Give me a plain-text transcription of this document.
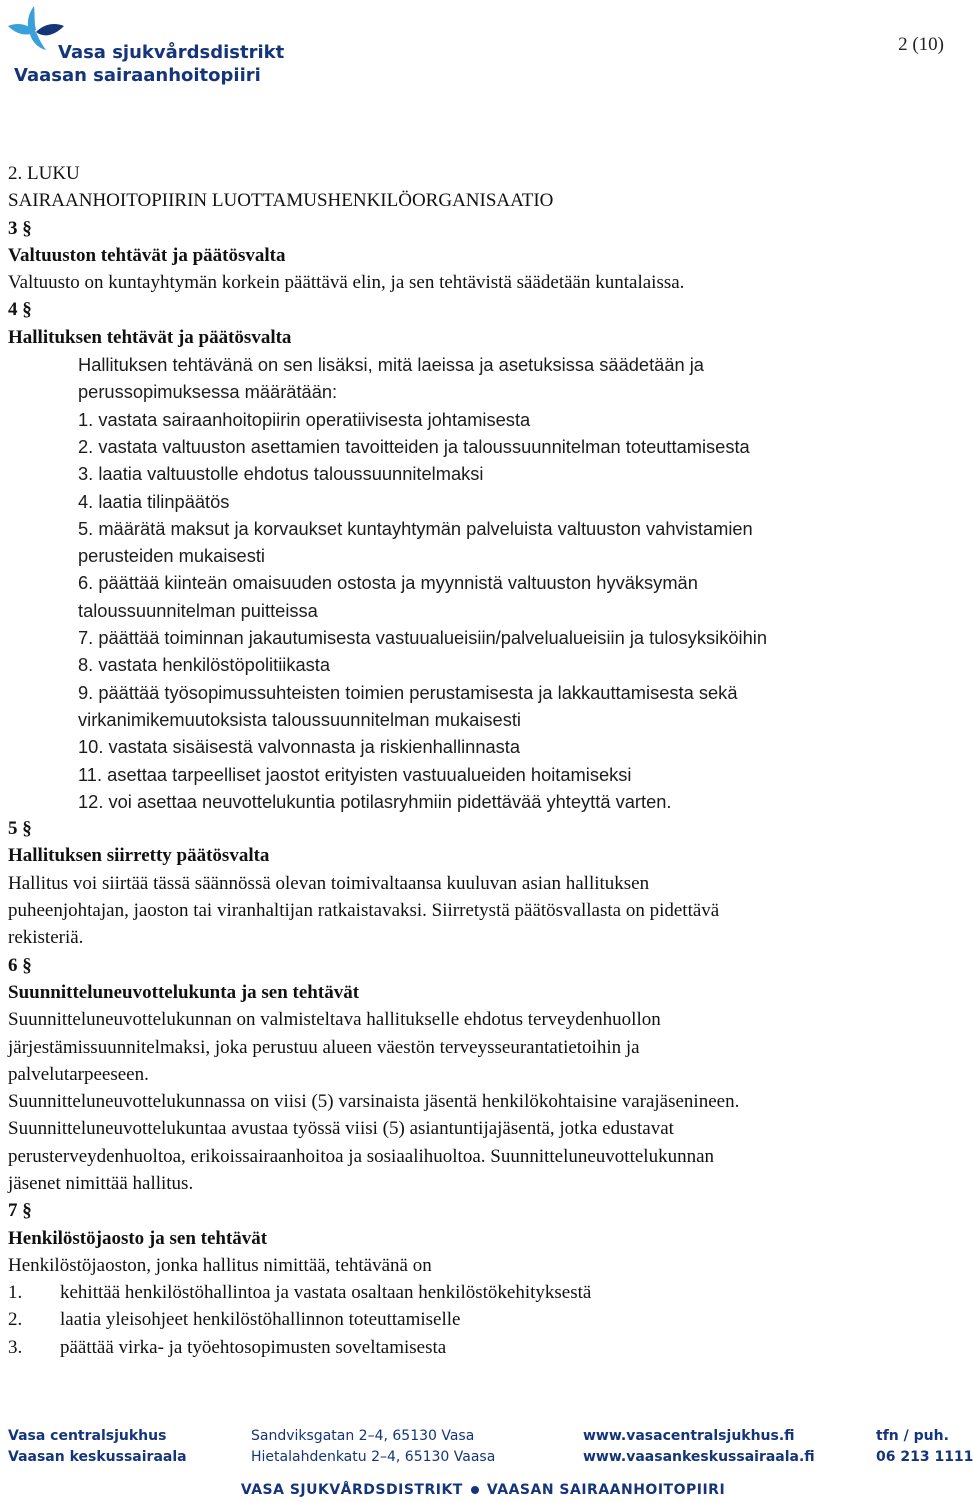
Vasa sjukvårdsdistrikt
Vaasan sairaanhoitopiiri
2 (10)

2. LUKU

SAIRAANHOITOPIIRIN LUOTTAMUSHENKILÖORGANISAATIO

3 §

Valtuuston tehtävät ja päätösvalta

Valtuusto on kuntayhtymän korkein päättävä elin, ja sen tehtävistä säädetään kuntalaissa.

4 §

Hallituksen tehtävät ja päätösvalta

Hallituksen tehtävänä on sen lisäksi, mitä laeissa ja asetuksissa säädetään ja

perussopimuksessa määrätään:

1. vastata sairaanhoitopiirin operatiivisesta johtamisesta

2. vastata valtuuston asettamien tavoitteiden ja taloussuunnitelman toteuttamisesta

3. laatia valtuustolle ehdotus taloussuunnitelmaksi

4. laatia tilinpäätös

5. määrätä maksut ja korvaukset kuntayhtymän palveluista valtuuston vahvistamien

perusteiden mukaisesti

6. päättää kiinteän omaisuuden ostosta ja myynnistä valtuuston hyväksymän

taloussuunnitelman puitteissa

7. päättää toiminnan jakautumisesta vastuualueisiin/palvelualueisiin ja tulosyksiköihin

8. vastata henkilöstöpolitiikasta

9. päättää työsopimussuhteisten toimien perustamisesta ja lakkauttamisesta sekä

virkanimikemuutoksista taloussuunnitelman mukaisesti

10. vastata sisäisestä valvonnasta ja riskienhallinnasta

11. asettaa tarpeelliset jaostot erityisten vastuualueiden hoitamiseksi

12. voi asettaa neuvottelukuntia potilasryhmiin pidettävää yhteyttä varten.

5 §

Hallituksen siirretty päätösvalta

Hallitus voi siirtää tässä säännössä olevan toimivaltaansa kuuluvan asian hallituksen

puheenjohtajan, jaoston tai viranhaltijan ratkaistavaksi. Siirretystä päätösvallasta on pidettävä

rekisteriä.

6 §

Suunnitteluneuvottelukunta ja sen tehtävät

Suunnitteluneuvottelukunnan on valmisteltava hallitukselle ehdotus terveydenhuollon

järjestämissuunnitelmaksi, joka perustuu alueen väestön terveysseurantatietoihin ja

palvelutarpeeseen.

Suunnitteluneuvottelukunnassa on viisi (5) varsinaista jäsentä henkilökohtaisine varajäsenineen.

Suunnitteluneuvottelukuntaa avustaa työssä viisi (5) asiantuntijajäsentä, jotka edustavat

perusterveydenhuoltoa, erikoissairaanhoitoa ja sosiaalihuoltoa. Suunnitteluneuvottelukunnan

jäsenet nimittää hallitus.

7 §

Henkilöstöjaosto ja sen tehtävät

Henkilöstöjaoston, jonka hallitus nimittää, tehtävänä on

1.	kehittää henkilöstöhallintoa ja vastata osaltaan henkilöstökehityksestä

2.	laatia yleisohjeet henkilöstöhallinnon toteuttamiselle

3.	päättää virka- ja työehtosopimusten soveltamisesta

Vasa centralsjukhus
Vaasan keskussairaala
Sandviksgatan 2–4, 65130 Vasa
Hietalahdenkatu 2–4, 65130 Vaasa
www.vasacentralsjukhus.fi
www.vaasankeskussairaala.fi
tfn / puh.
06 213 1111
VASA SJUKVÅRDSDISTRIKT VAASAN SAIRAANHOITOPIIRI
